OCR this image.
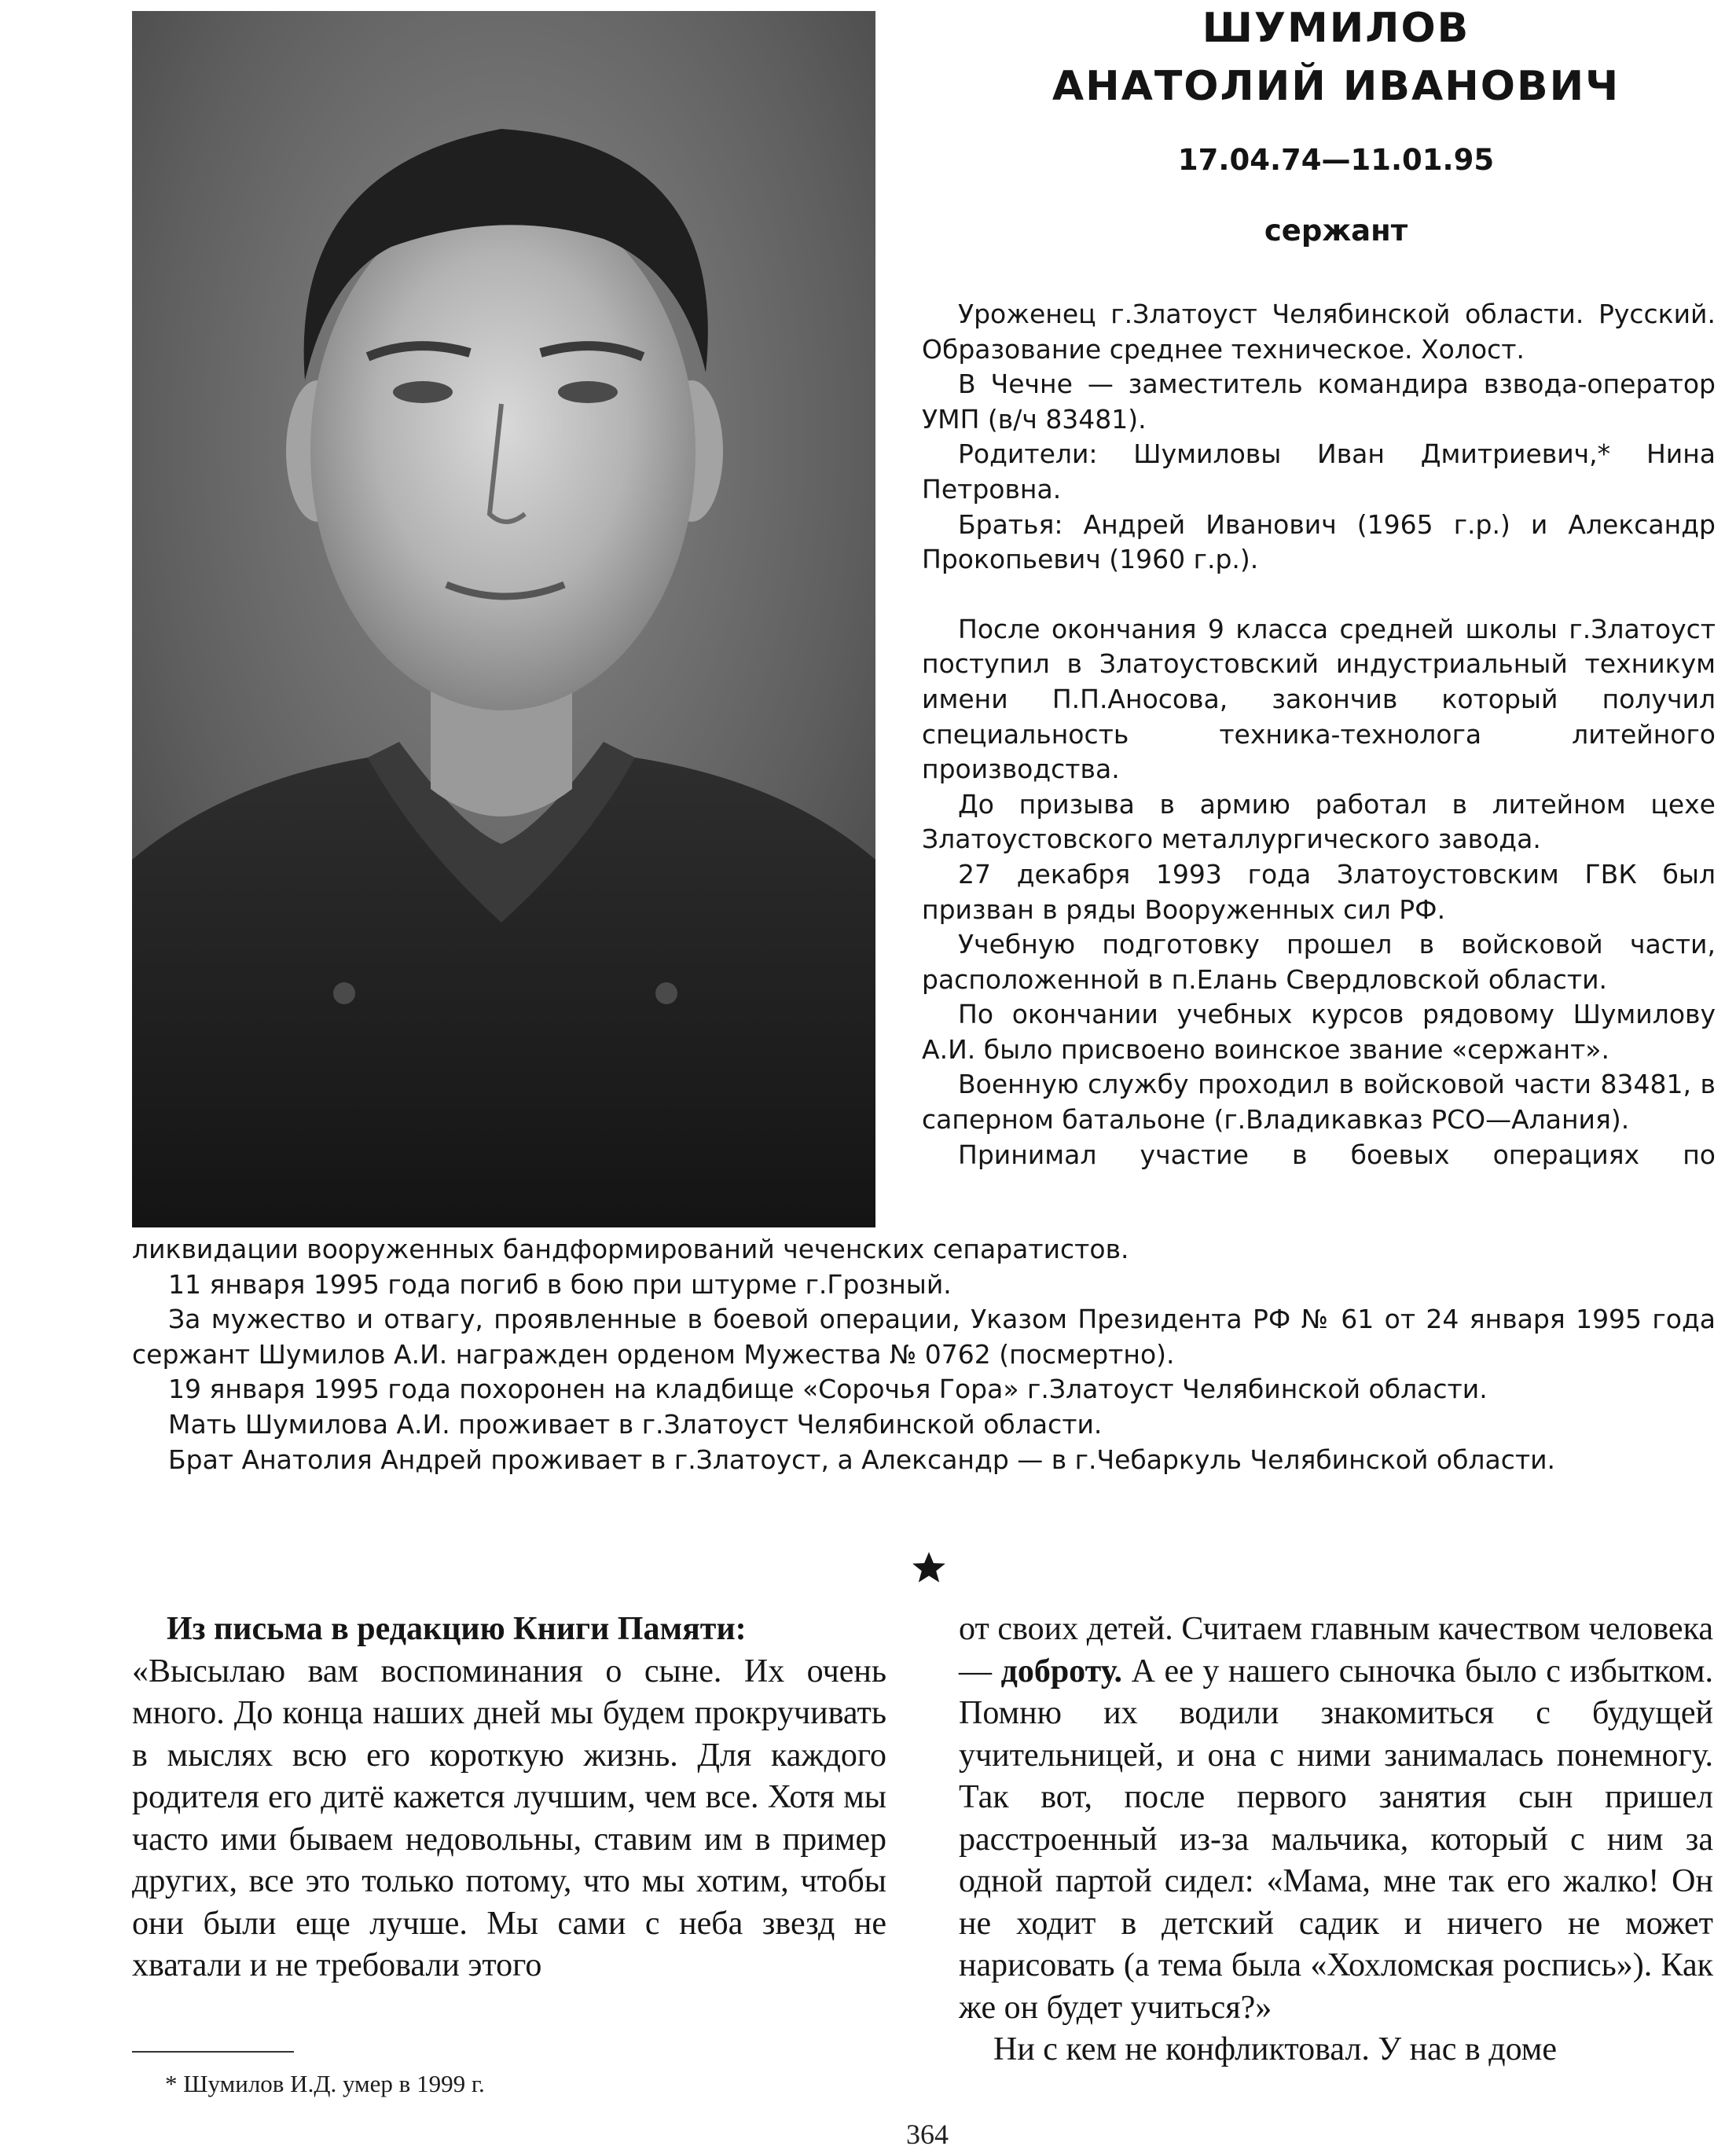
ШУМИЛОВ
АНАТОЛИЙ ИВАНОВИЧ
17.04.74—11.01.95
сержант

Уроженец г.Златоуст Челябинской области. Русский. Образование среднее техническое. Холост.

В Чечне — заместитель командира взвода-оператор УМП (в/ч 83481).

Родители: Шумиловы Иван Дмитриевич,* Нина Петровна.

Братья: Андрей Иванович (1965 г.р.) и Александр Прокопьевич (1960 г.р.).

После окончания 9 класса средней школы г.Златоуст поступил в Златоустовский индустриальный техникум имени П.П.Аносова, закончив который получил специальность техника-технолога литейного производства.

До призыва в армию работал в литейном цехе Златоустовского металлургического завода.

27 декабря 1993 года Златоустовским ГВК был призван в ряды Вооруженных сил РФ.

Учебную подготовку прошел в войсковой части, расположенной в п.Елань Свердловской области.

По окончании учебных курсов рядовому Шумилову А.И. было присвоено воинское звание «сержант».

Военную службу проходил в войсковой части 83481, в саперном батальоне (г.Владикавказ РСО—Алания).

Принимал участие в боевых операциях по

ликвидации вооруженных бандформирований чеченских сепаратистов.

11 января 1995 года погиб в бою при штурме г.Грозный.

За мужество и отвагу, проявленные в боевой операции, Указом Президента РФ № 61 от 24 января 1995 года сержант Шумилов А.И. награжден орденом Мужества № 0762 (посмертно).

19 января 1995 года похоронен на кладбище «Сорочья Гора» г.Златоуст Челябинской области.

Мать Шумилова А.И. проживает в г.Златоуст Челябинской области.

Брат Анатолия Андрей проживает в г.Златоуст, а Александр — в г.Чебаркуль Челябинской области.

Из письма в редакцию Книги Памяти:

«Высылаю вам воспоминания о сыне. Их очень много. До конца наших дней мы будем прокручивать в мыслях всю его короткую жизнь. Для каждого родителя его дитё кажется лучшим, чем все. Хотя мы часто ими бываем недовольны, ставим им в пример других, все это только потому, что мы хотим, чтобы они были еще лучше. Мы сами с неба звезд не хватали и не требовали этого

от своих детей. Считаем главным качеством человека — доброту. А ее у нашего сыночка было с избытком. Помню их водили знакомиться с будущей учительницей, и она с ними занималась понемногу. Так вот, после первого занятия сын пришел расстроенный из-за мальчика, который с ним за одной партой сидел: «Мама, мне так его жалко! Он не ходит в детский садик и ничего не может нарисовать (а тема была «Хохломская роспись»). Как же он будет учиться?»

Ни с кем не конфликтовал. У нас в доме

* Шумилов И.Д. умер в 1999 г.
364
